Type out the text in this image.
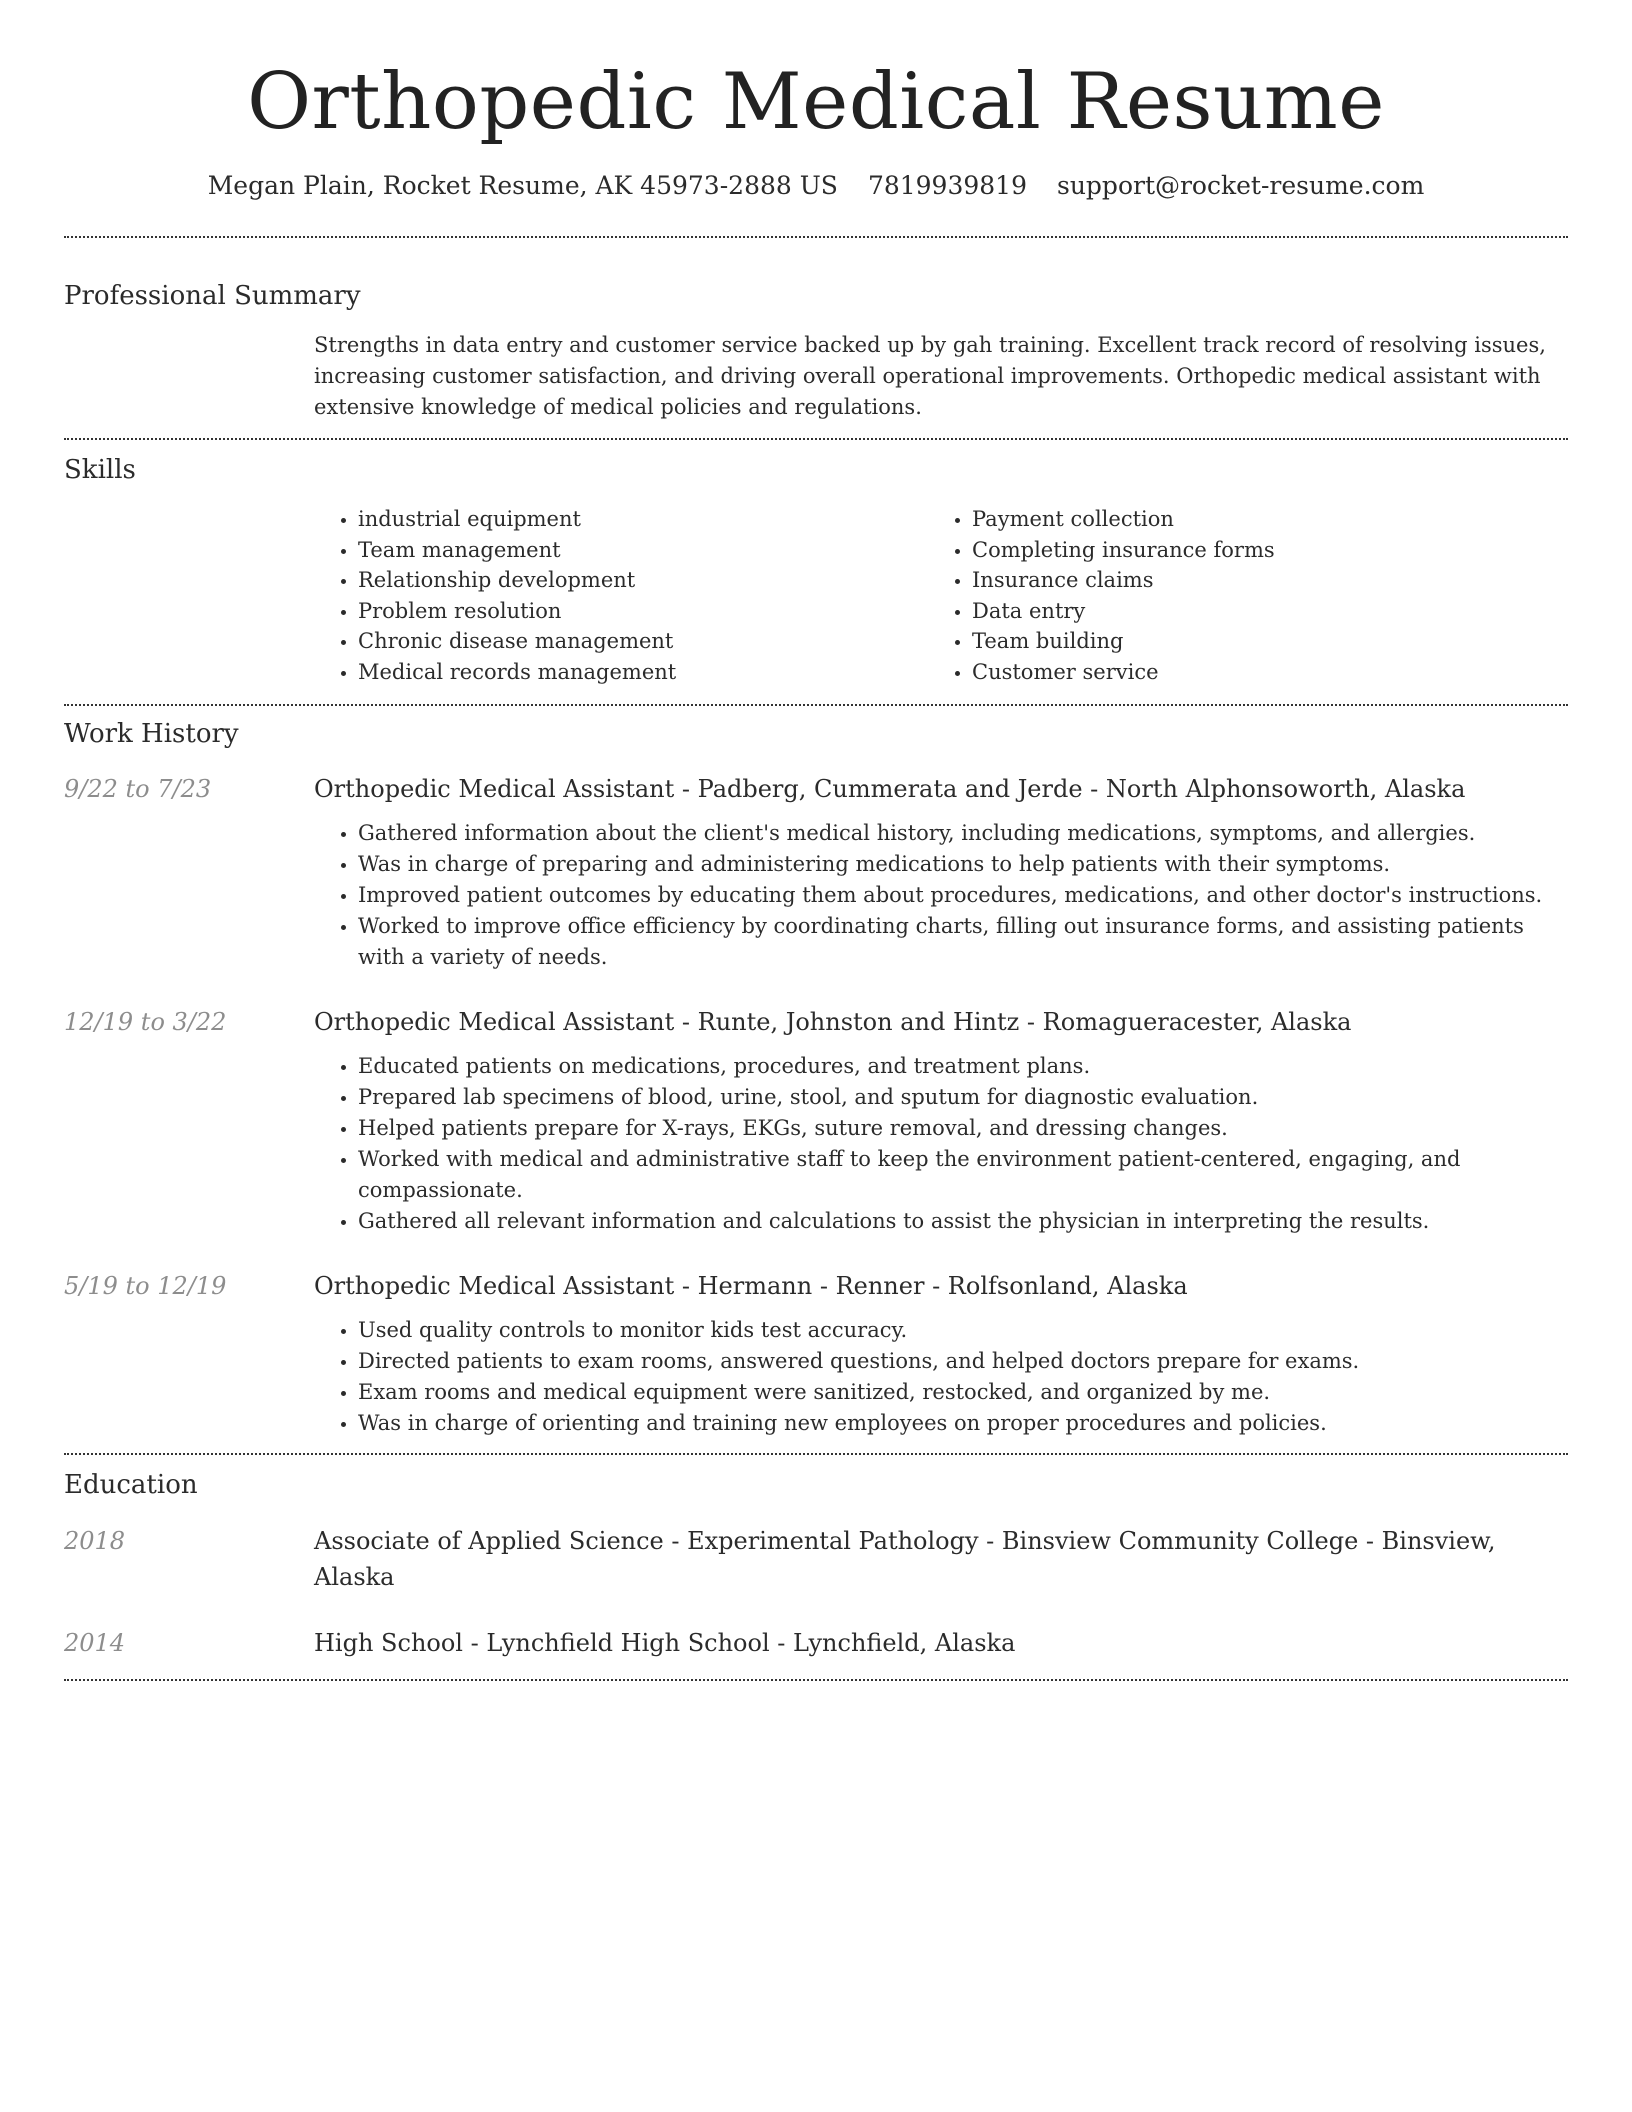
Orthopedic Medical Resume
Megan Plain, Rocket Resume, AK 45973-2888 US 7819939819 support@rocket-resume.com
Professional Summary

Strengths in data entry and customer service backed up by gah training. Excellent track record of resolving issues, increasing customer satisfaction, and driving overall operational improvements. Orthopedic medical assistant with extensive knowledge of medical policies and regulations.

Skills
• industrial equipment
• Team management
• Relationship development
• Problem resolution
• Chronic disease management
• Medical records management
• Payment collection
• Completing insurance forms
• Insurance claims
• Data entry
• Team building
• Customer service
Work History
9/22 to 7/23	Orthopedic Medical Assistant - Padberg, Cummerata and Jerde - North Alphonsoworth, Alaska
• Gathered information about the client's medical history, including medications, symptoms, and allergies.
• Was in charge of preparing and administering medications to help patients with their symptoms.
• Improved patient outcomes by educating them about procedures, medications, and other doctor's instructions.
• Worked to improve office efficiency by coordinating charts, filling out insurance forms, and assisting patients with a variety of needs.
12/19 to 3/22	Orthopedic Medical Assistant - Runte, Johnston and Hintz - Romagueracester, Alaska
• Educated patients on medications, procedures, and treatment plans.
• Prepared lab specimens of blood, urine, stool, and sputum for diagnostic evaluation.
• Helped patients prepare for X-rays, EKGs, suture removal, and dressing changes.
• Worked with medical and administrative staff to keep the environment patient-centered, engaging, and compassionate.
• Gathered all relevant information and calculations to assist the physician in interpreting the results.
5/19 to 12/19	Orthopedic Medical Assistant - Hermann - Renner - Rolfsonland, Alaska
• Used quality controls to monitor kids test accuracy.
• Directed patients to exam rooms, answered questions, and helped doctors prepare for exams.
• Exam rooms and medical equipment were sanitized, restocked, and organized by me.
• Was in charge of orienting and training new employees on proper procedures and policies.
Education
2018	Associate of Applied Science - Experimental Pathology - Binsview Community College - Binsview, Alaska
2014	High School - Lynchfield High School - Lynchfield, Alaska
